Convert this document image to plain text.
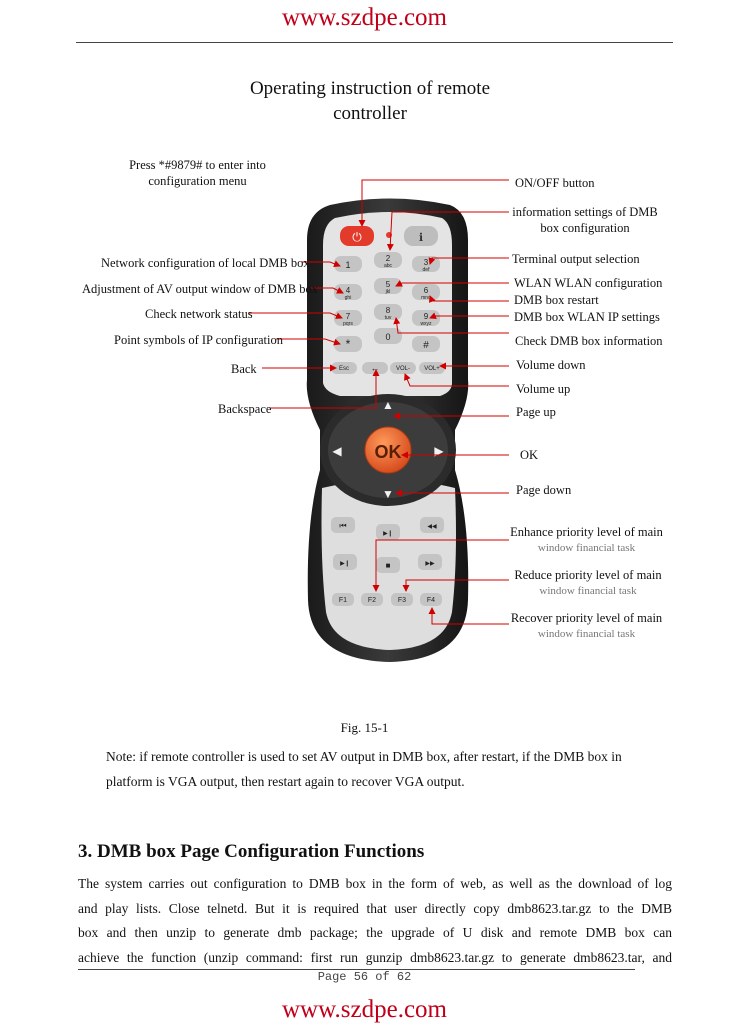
www.szdpe.com
Operating instruction of remote
controller
⏻	ℹ
1
2
abc	3
def
4
ghi
5
jkl	6
mno
7
pqrs
8
tuv	9
wxyz
*	0
#
Esc ←	VOL- VOL+
▲
▼
◀	▶
OK
⏮
▶❙
◀◀
▶❙	■	▶▶
F1	F2	F3	F4
Press *#9879# to enter into
configuration menu
Network configuration of local DMB box
Adjustment of AV output window of DMB box
Check network status
Point symbols of IP configuration
Back
Backspace
ON/OFF button
information settings of DMB
box configuration
Terminal output selection
WLAN WLAN configuration
DMB box restart
DMB box WLAN IP settings
Check DMB box information
Volume down
Volume up
Page up
OK
Page down
Enhance priority level of main
window financial task
Reduce priority level of main
window financial task
Recover priority level of main
window financial task
Fig. 15-1
Note: if remote controller is used to set AV output in DMB box, after restart, if the DMB box in
platform is VGA output, then restart again to recover VGA output.
3. DMB box Page Configuration Functions

The system carries out configuration to DMB box in the form of web, as well as the download of log

and play lists. Close telnetd. But it is required that user directly copy dmb8623.tar.gz to the DMB

box and then unzip to generate dmb package; the upgrade of U disk and remote DMB box can

achieve the function (unzip command: first run gunzip dmb8623.tar.gz to generate dmb8623.tar, and

Page 56 of 62
www.szdpe.com
